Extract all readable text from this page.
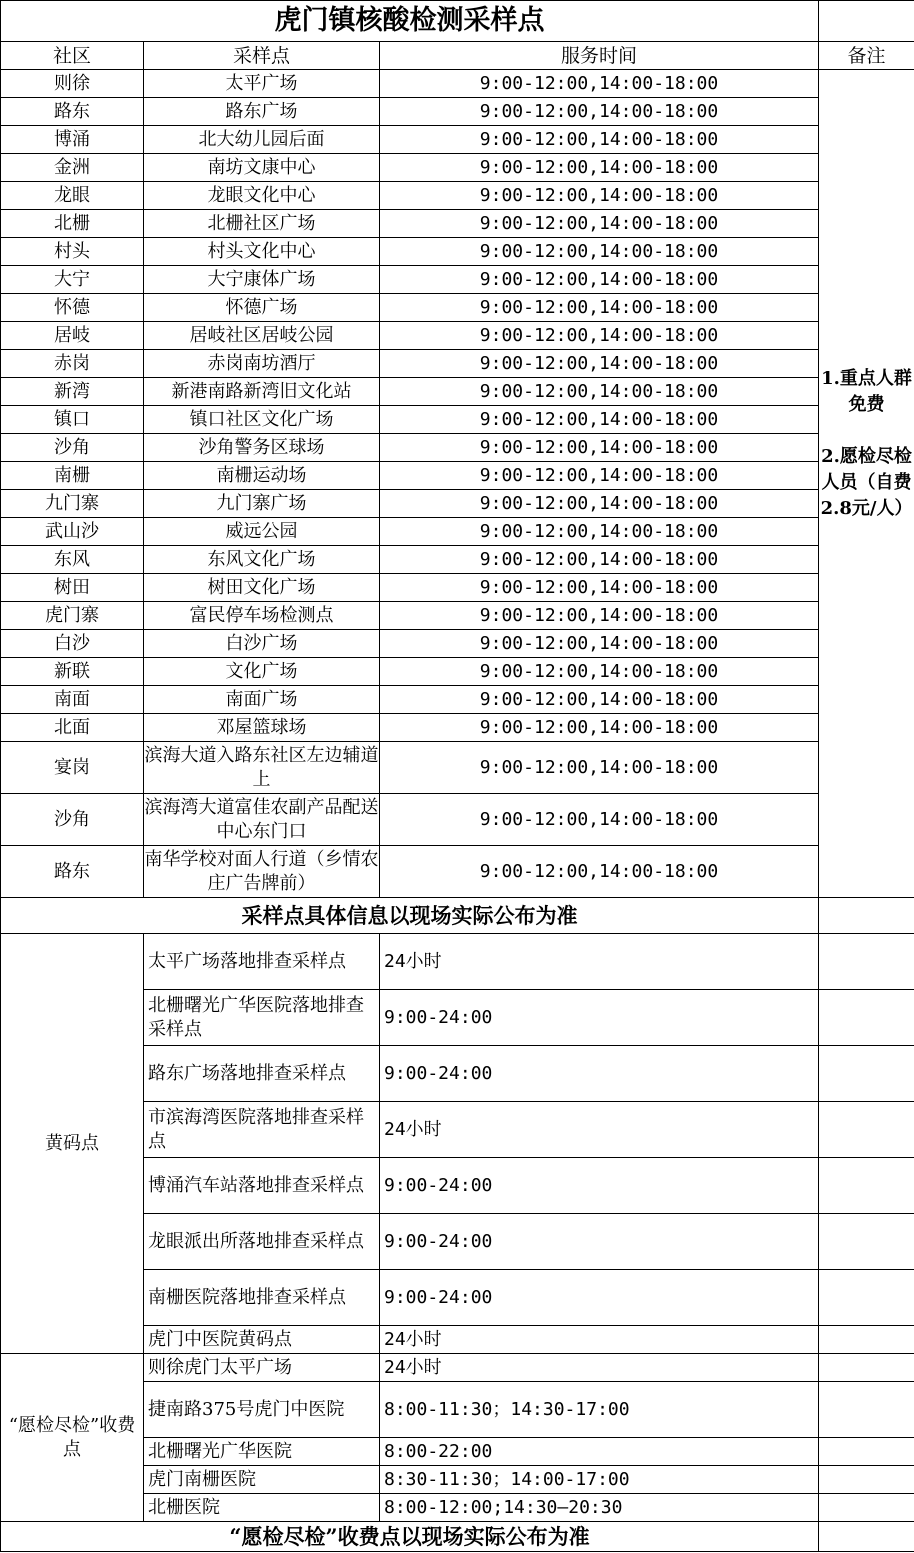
虎门镇核酸检测采样点			
社区	采样点	服务时间	备注
则徐	太平广场	9:00-12:00,14:00-18:00	1.重点人群免费
2.愿检尽检人员（自费2.8元/人）

路东	路东广场	9:00-12:00,14:00-18:00	
博涌	北大幼儿园后面	9:00-12:00,14:00-18:00	
金洲	南坊文康中心	9:00-12:00,14:00-18:00	
龙眼	龙眼文化中心	9:00-12:00,14:00-18:00	
北栅	北栅社区广场	9:00-12:00,14:00-18:00	
村头	村头文化中心	9:00-12:00,14:00-18:00	
大宁	大宁康体广场	9:00-12:00,14:00-18:00	
怀德	怀德广场	9:00-12:00,14:00-18:00	
居岐	居岐社区居岐公园	9:00-12:00,14:00-18:00	
赤岗	赤岗南坊酒厅	9:00-12:00,14:00-18:00	
新湾	新港南路新湾旧文化站	9:00-12:00,14:00-18:00	
镇口	镇口社区文化广场	9:00-12:00,14:00-18:00	
沙角	沙角警务区球场	9:00-12:00,14:00-18:00	
南栅	南栅运动场	9:00-12:00,14:00-18:00	
九门寨	九门寨广场	9:00-12:00,14:00-18:00	
武山沙	威远公园	9:00-12:00,14:00-18:00	
东风	东风文化广场	9:00-12:00,14:00-18:00	
树田	树田文化广场	9:00-12:00,14:00-18:00	
虎门寨	富民停车场检测点	9:00-12:00,14:00-18:00	
白沙	白沙广场	9:00-12:00,14:00-18:00	
新联	文化广场	9:00-12:00,14:00-18:00	
南面	南面广场	9:00-12:00,14:00-18:00	
北面	邓屋篮球场	9:00-12:00,14:00-18:00	
宴岗	滨海大道入路东社区左边辅道上	9:00-12:00,14:00-18:00	
沙角	滨海湾大道富佳农副产品配送中心东门口	9:00-12:00,14:00-18:00	
路东	南华学校对面人行道（乡情农庄广告牌前）	9:00-12:00,14:00-18:00	
采样点具体信息以现场实际公布为准			
黄码点	太平广场落地排查采样点	24小时	
	北栅曙光广华医院落地排查采样点	9:00-24:00	
	路东广场落地排查采样点	9:00-24:00	
	市滨海湾医院落地排查采样点	24小时	
	博涌汽车站落地排查采样点	9:00-24:00	
	龙眼派出所落地排查采样点	9:00-24:00	
	南栅医院落地排查采样点	9:00-24:00	
	虎门中医院黄码点	24小时	
“愿检尽检”收费点	则徐虎门太平广场	24小时	
	捷南路375号虎门中医院	8:00-11:30；14:30-17:00	
	北栅曙光广华医院	8:00-22:00	
	虎门南栅医院	8:30-11:30；14:00-17:00	
	北栅医院	8:00-12:00;14:30—20:30	
“愿检尽检”收费点以现场实际公布为准			
